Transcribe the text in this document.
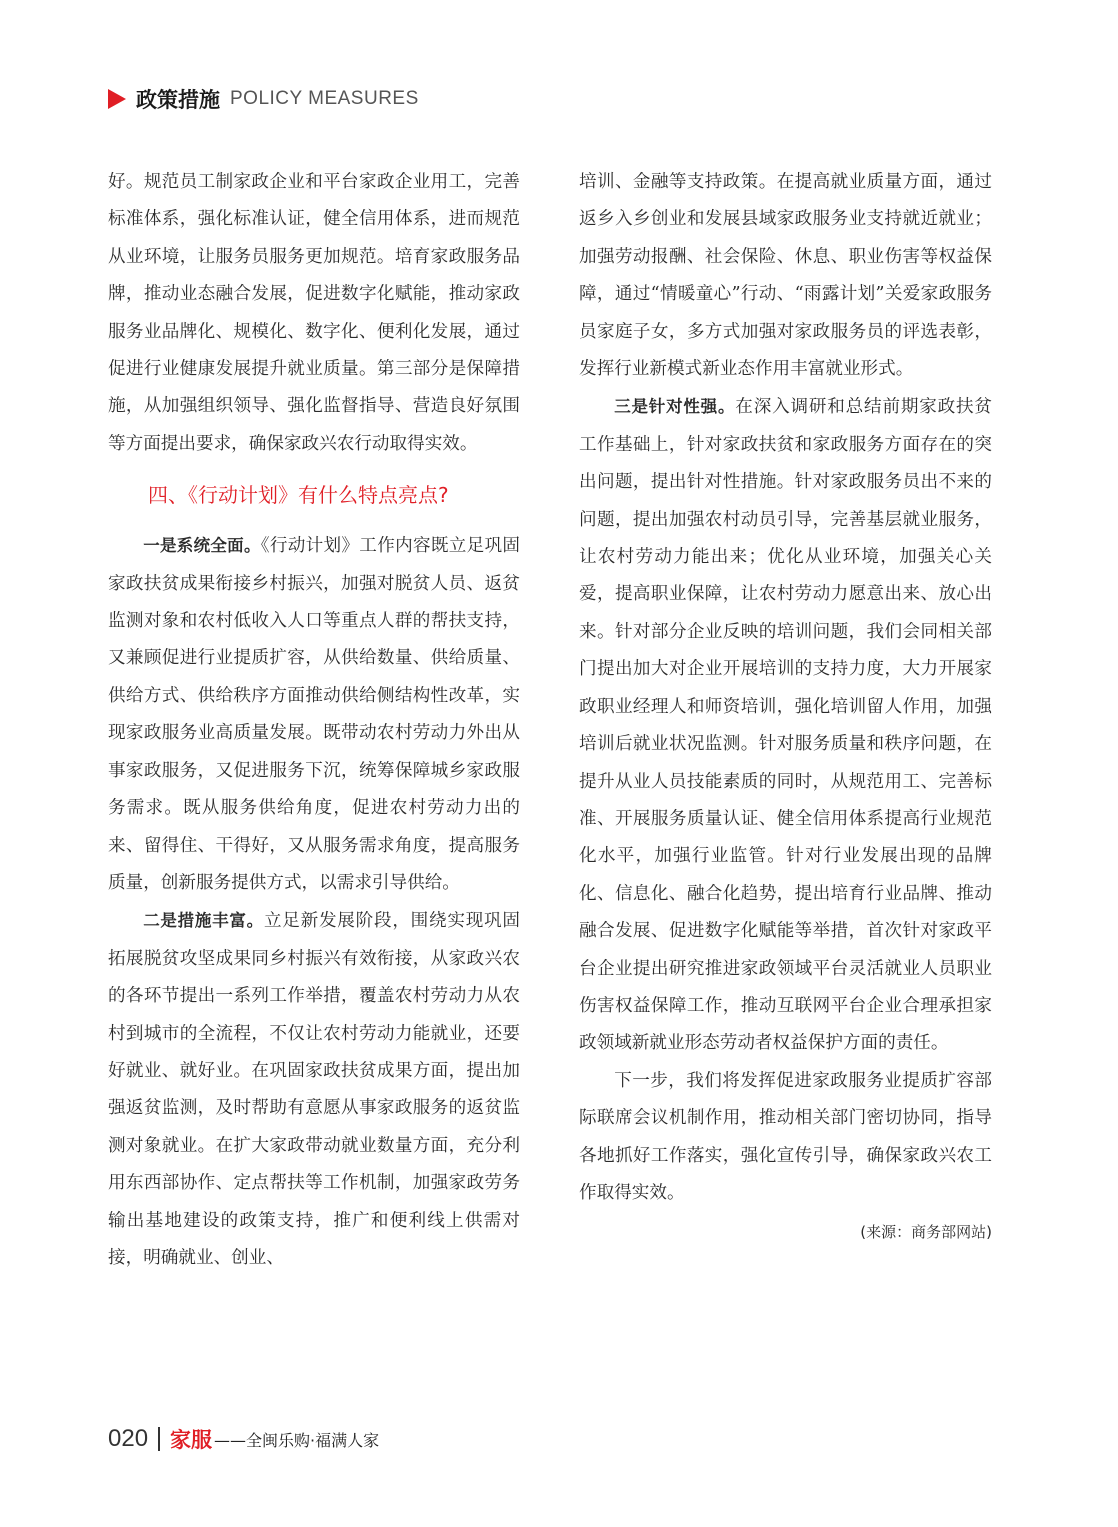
政策措施 POLICY MEASURES

好。规范员工制家政企业和平台家政企业用工，完善标准体系，强化标准认证，健全信用体系，进而规范从业环境，让服务员服务更加规范。培育家政服务品牌，推动业态融合发展，促进数字化赋能，推动家政服务业品牌化、规模化、数字化、便利化发展，通过促进行业健康发展提升就业质量。第三部分是保障措施，从加强组织领导、强化监督指导、营造良好氛围等方面提出要求，确保家政兴农行动取得实效。

四、《行动计划》有什么特点亮点?

一是系统全面。《行动计划》工作内容既立足巩固家政扶贫成果衔接乡村振兴，加强对脱贫人员、返贫监测对象和农村低收入人口等重点人群的帮扶支持，又兼顾促进行业提质扩容，从供给数量、供给质量、供给方式、供给秩序方面推动供给侧结构性改革，实现家政服务业高质量发展。既带动农村劳动力外出从事家政服务，又促进服务下沉，统筹保障城乡家政服务需求。既从服务供给角度，促进农村劳动力出的来、留得住、干得好，又从服务需求角度，提高服务质量，创新服务提供方式，以需求引导供给。

二是措施丰富。立足新发展阶段，围绕实现巩固拓展脱贫攻坚成果同乡村振兴有效衔接，从家政兴农的各环节提出一系列工作举措，覆盖农村劳动力从农村到城市的全流程，不仅让农村劳动力能就业，还要好就业、就好业。在巩固家政扶贫成果方面，提出加强返贫监测，及时帮助有意愿从事家政服务的返贫监测对象就业。在扩大家政带动就业数量方面，充分利用东西部协作、定点帮扶等工作机制，加强家政劳务输出基地建设的政策支持，推广和便利线上供需对接，明确就业、创业、

培训、金融等支持政策。在提高就业质量方面，通过返乡入乡创业和发展县域家政服务业支持就近就业；加强劳动报酬、社会保险、休息、职业伤害等权益保障，通过“情暖童心”行动、“雨露计划”关爱家政服务员家庭子女，多方式加强对家政服务员的评选表彰，发挥行业新模式新业态作用丰富就业形式。

三是针对性强。在深入调研和总结前期家政扶贫工作基础上，针对家政扶贫和家政服务方面存在的突出问题，提出针对性措施。针对家政服务员出不来的问题，提出加强农村动员引导，完善基层就业服务，让农村劳动力能出来；优化从业环境，加强关心关爱，提高职业保障，让农村劳动力愿意出来、放心出来。针对部分企业反映的培训问题，我们会同相关部门提出加大对企业开展培训的支持力度，大力开展家政职业经理人和师资培训，强化培训留人作用，加强培训后就业状况监测。针对服务质量和秩序问题，在提升从业人员技能素质的同时，从规范用工、完善标准、开展服务质量认证、健全信用体系提高行业规范化水平，加强行业监管。针对行业发展出现的品牌化、信息化、融合化趋势，提出培育行业品牌、推动融合发展、促进数字化赋能等举措，首次针对家政平台企业提出研究推进家政领域平台灵活就业人员职业伤害权益保障工作，推动互联网平台企业合理承担家政领域新就业形态劳动者权益保护方面的责任。

下一步，我们将发挥促进家政服务业提质扩容部际联席会议机制作用，推动相关部门密切协同，指导各地抓好工作落实，强化宣传引导，确保家政兴农工作取得实效。

(来源：商务部网站)
020 家服 ——全闽乐购·福满人家
